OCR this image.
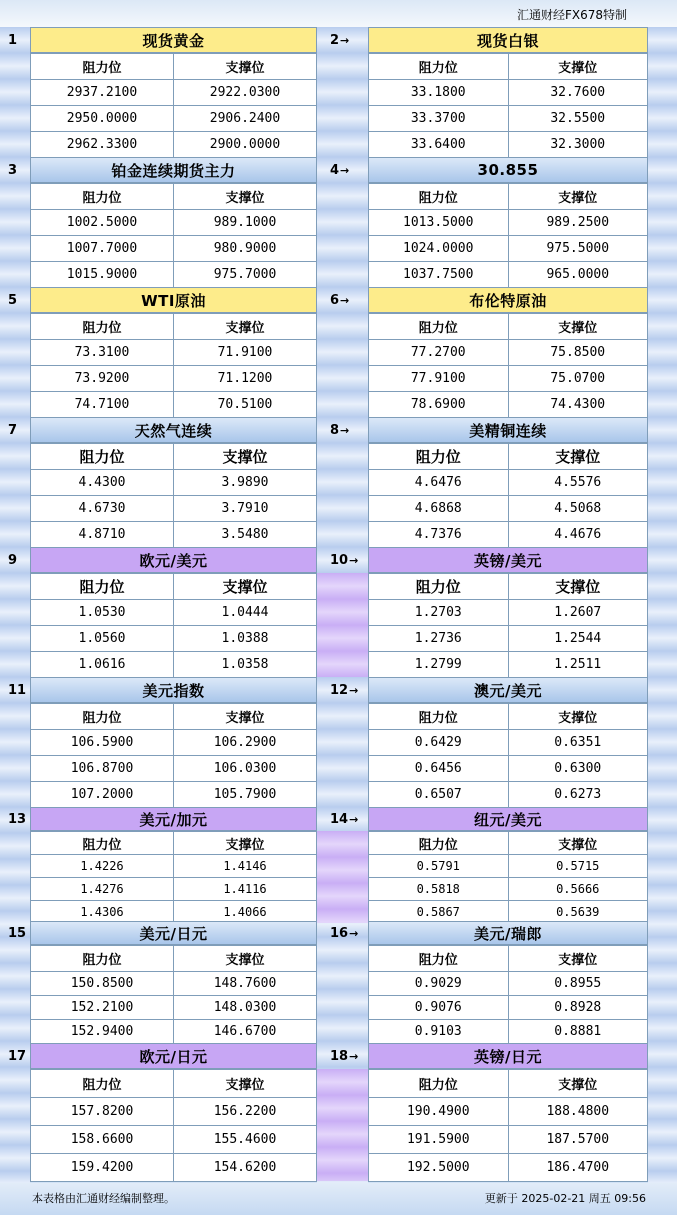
汇通财经FX678特制
1	现货黄金
阻力位	支撑位
2937.2100	2922.0300
2950.0000	2906.2400
2962.3300	2900.0000
2 →	现货白银
阻力位	支撑位
33.1800	32.7600
33.3700	32.5500
33.6400	32.3000
3	铂金连续期货主力
阻力位	支撑位
1002.5000	989.1000
1007.7000	980.9000
1015.9000	975.7000
4 →	30.855
阻力位	支撑位
1013.5000	989.2500
1024.0000	975.5000
1037.7500	965.0000
5	WTI原油
阻力位	支撑位
73.3100	71.9100
73.9200	71.1200
74.7100	70.5100
6 →	布伦特原油
阻力位	支撑位
77.2700	75.8500
77.9100	75.0700
78.6900	74.4300
7	天然气连续
阻力位	支撑位
4.4300	3.9890
4.6730	3.7910
4.8710	3.5480
8 →	美精铜连续
阻力位	支撑位
4.6476	4.5576
4.6868	4.5068
4.7376	4.4676
9	欧元/美元
阻力位	支撑位
1.0530	1.0444
1.0560	1.0388
1.0616	1.0358
10 →	英镑/美元
阻力位	支撑位
1.2703	1.2607
1.2736	1.2544
1.2799	1.2511
11	美元指数
阻力位	支撑位
106.5900	106.2900
106.8700	106.0300
107.2000	105.7900
12 →	澳元/美元
阻力位	支撑位
0.6429	0.6351
0.6456	0.6300
0.6507	0.6273
13	美元/加元
阻力位	支撑位
1.4226	1.4146
1.4276	1.4116
1.4306	1.4066
14 →	纽元/美元
阻力位	支撑位
0.5791	0.5715
0.5818	0.5666
0.5867	0.5639
15	美元/日元
阻力位	支撑位
150.8500	148.7600
152.2100	148.0300
152.9400	146.6700
16 →	美元/瑞郎
阻力位	支撑位
0.9029	0.8955
0.9076	0.8928
0.9103	0.8881
17	欧元/日元
阻力位	支撑位
157.8200	156.2200
158.6600	155.4600
159.4200	154.6200
18 →	英镑/日元
阻力位	支撑位
190.4900	188.4800
191.5900	187.5700
192.5000	186.4700
本表格由汇通财经编制整理。	更新于 2025-02-21 周五 09:56
